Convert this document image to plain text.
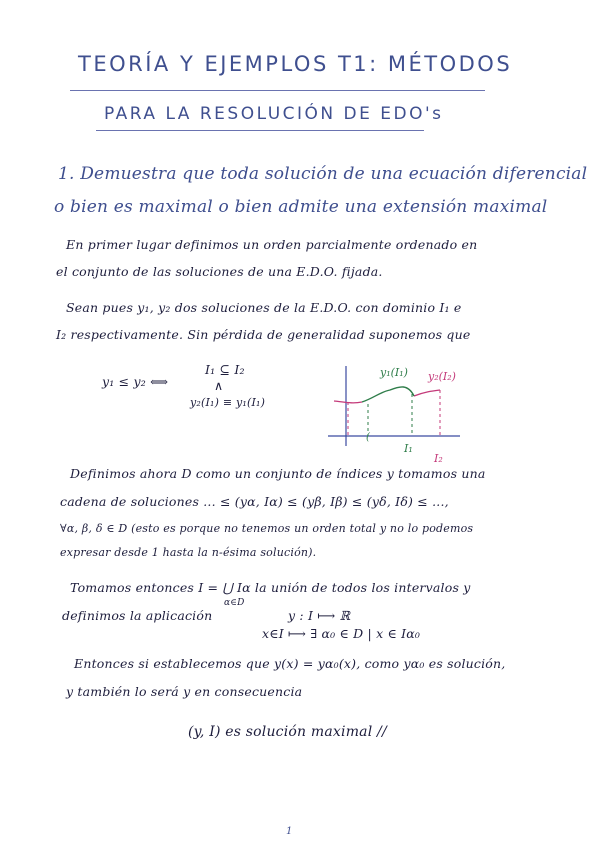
TEORÍA Y EJEMPLOS T1: MÉTODOS
PARA LA RESOLUCIÓN DE EDO's
1. Demuestra que toda solución de una ecuación diferencial
o bien es maximal o bien admite una extensión maximal
En primer lugar definimos un orden parcialmente ordenado en
el conjunto de las soluciones de una E.D.O. fijada.
Sean pues y₁, y₂ dos soluciones de la E.D.O. con dominio I₁ e
I₂ respectivamente. Sin pérdida de generalidad suponemos que
y₁ ≤ y₂ ⟺
I₁ ⊆ I₂
∧
y₂(I₁) ≡ y₁(I₁)
(
y₁(I₁) y₂(I₂)
I₁
I₂
Definimos ahora D como un conjunto de índices y tomamos una
cadena de soluciones ... ≤ (yα, Iα) ≤ (yβ, Iβ) ≤ (yδ, Iδ) ≤ ...,
∀α, β, δ ∈ D (esto es porque no tenemos un orden total y no lo podemos
expresar desde 1 hasta la n-ésima solución).
Tomamos entonces I = ⋃ Iα la unión de todos los intervalos y
α∈D
definimos la aplicación	y : I ⟼ ℝ
x∈I ⟼ ∃ α₀ ∈ D | x ∈ Iα₀
Entonces si establecemos que y(x) = yα₀(x), como yα₀ es solución,
y también lo será y en consecuencia
(y, I) es solución maximal //
1
